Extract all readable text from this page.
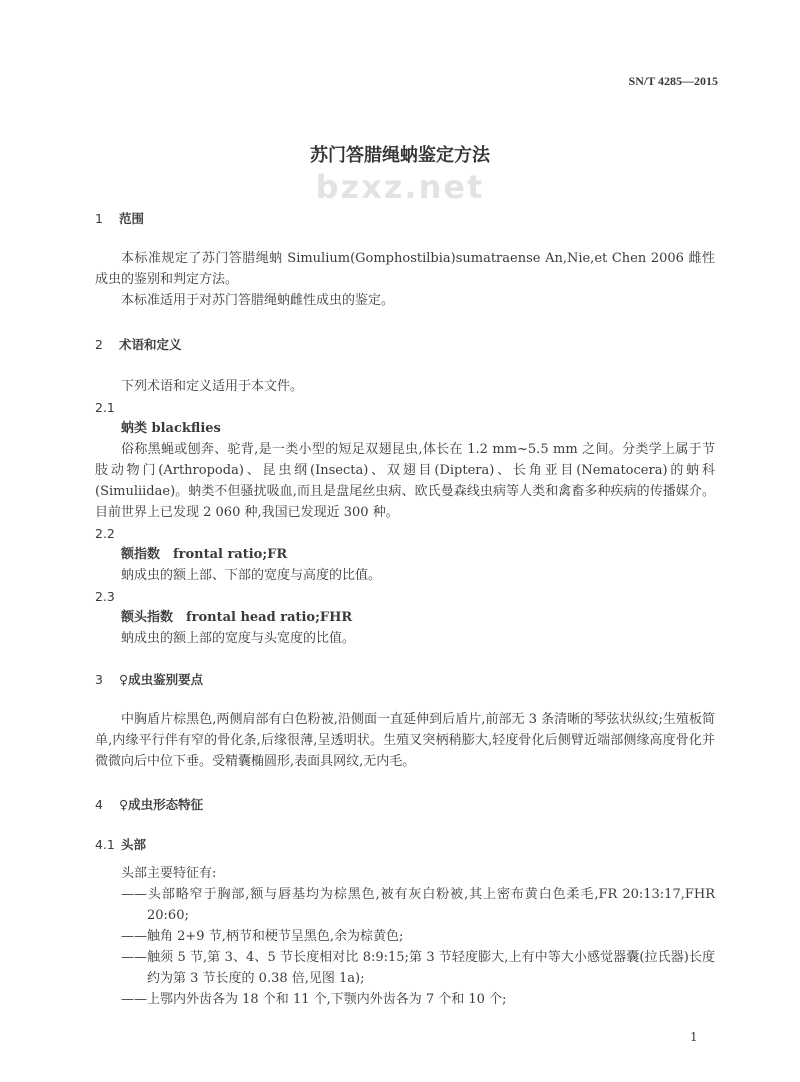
SN/T 4285—2015
苏门答腊绳蚋鉴定方法
bzxz.net
1 范围
本标准规定了苏门答腊绳蚋 Simulium(Gomphostilbia)sumatraense An,Nie,et Chen 2006 雌性成虫的鉴别和判定方法。
本标准适用于对苏门答腊绳蚋雌性成虫的鉴定。
2 术语和定义
下列术语和定义适用于本文件。
2.1
蚋类 blackflies
俗称黑蝇或刨奔、驼背,是一类小型的短足双翅昆虫,体长在 1.2 mm~5.5 mm 之间。分类学上属于节肢动物门(Arthropoda)、昆虫纲(Insecta)、双翅目(Diptera)、长角亚目(Nematocera)的蚋科(Simuliidae)。蚋类不但骚扰吸血,而且是盘尾丝虫病、欧氏曼森线虫病等人类和禽畜多种疾病的传播媒介。目前世界上已发现 2 060 种,我国已发现近 300 种。
2.2
额指数　frontal ratio;FR
蚋成虫的额上部、下部的宽度与高度的比值。
2.3
额头指数　frontal head ratio;FHR
蚋成虫的额上部的宽度与头宽度的比值。
3 ♀成虫鉴别要点
中胸盾片棕黑色,两侧肩部有白色粉被,沿侧面一直延伸到后盾片,前部无 3 条清晰的琴弦状纵纹;生殖板简单,内缘平行伴有窄的骨化条,后缘很薄,呈透明状。生殖叉突柄稍膨大,轻度骨化后侧臂近端部侧缘高度骨化并微微向后中位下垂。受精囊椭圆形,表面具网纹,无内毛。
4 ♀成虫形态特征
4.1 头部
头部主要特征有:
——头部略窄于胸部,额与唇基均为棕黑色,被有灰白粉被,其上密布黄白色柔毛,FR 20:13:17,FHR 20:60;
——触角 2+9 节,柄节和梗节呈黑色,余为棕黄色;
——触须 5 节,第 3、4、5 节长度相对比 8:9:15;第 3 节轻度膨大,上有中等大小感觉器囊(拉氏器)长度约为第 3 节长度的 0.38 倍,见图 1a);
——上鄂内外齿各为 18 个和 11 个,下颚内外齿各为 7 个和 10 个;
1
